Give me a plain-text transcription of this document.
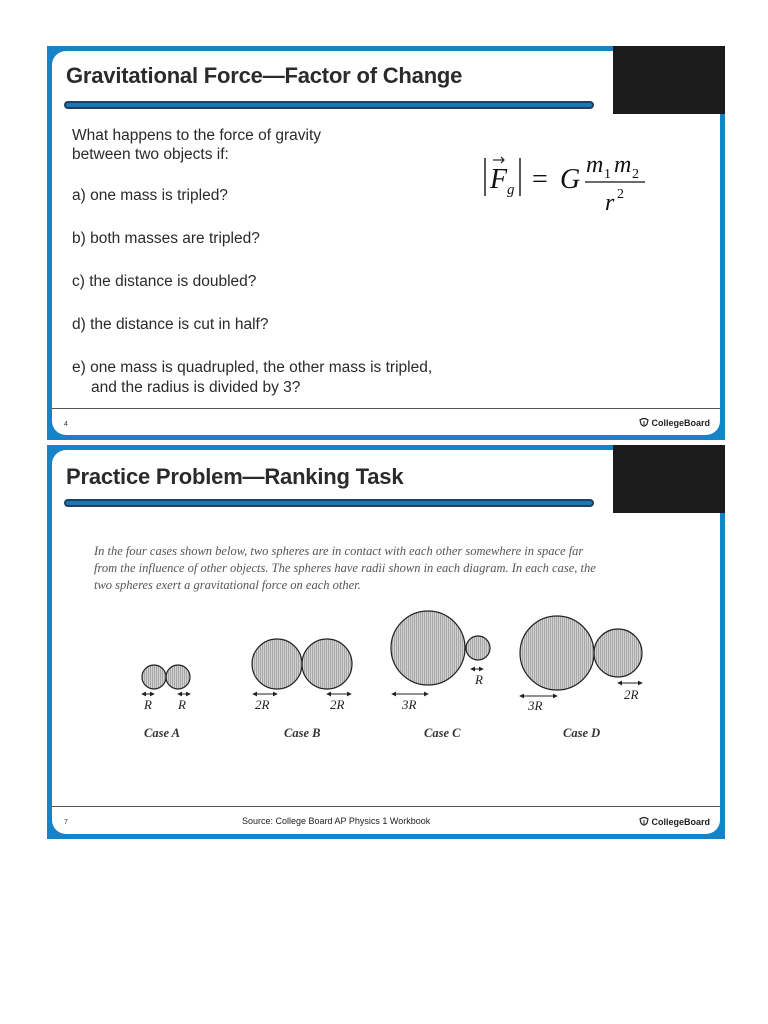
Gravitational Force—Factor of Change
What happens to the force of gravity
between two objects if:
a) one mass is tripled?
b) both masses are tripled?
c) the distance is doubled?
d) the distance is cut in half?
e) one mass is quadrupled, the other mass is tripled,
and the radius is divided by 3?
F g = G m 1 m 2
r 2
4	CollegeBoard
Practice Problem—Ranking Task
In the four cases shown below, two spheres are in contact with each other somewhere in space far
from the influence of other objects. The spheres have radii shown in each diagram. In each case, the
two spheres exert a gravitational force on each other.
R R
Case A
2R	2R
Case B
3R
R
Case C
3R
2R
Case D
7	Source: College Board AP Physics 1 Workbook	CollegeBoard
